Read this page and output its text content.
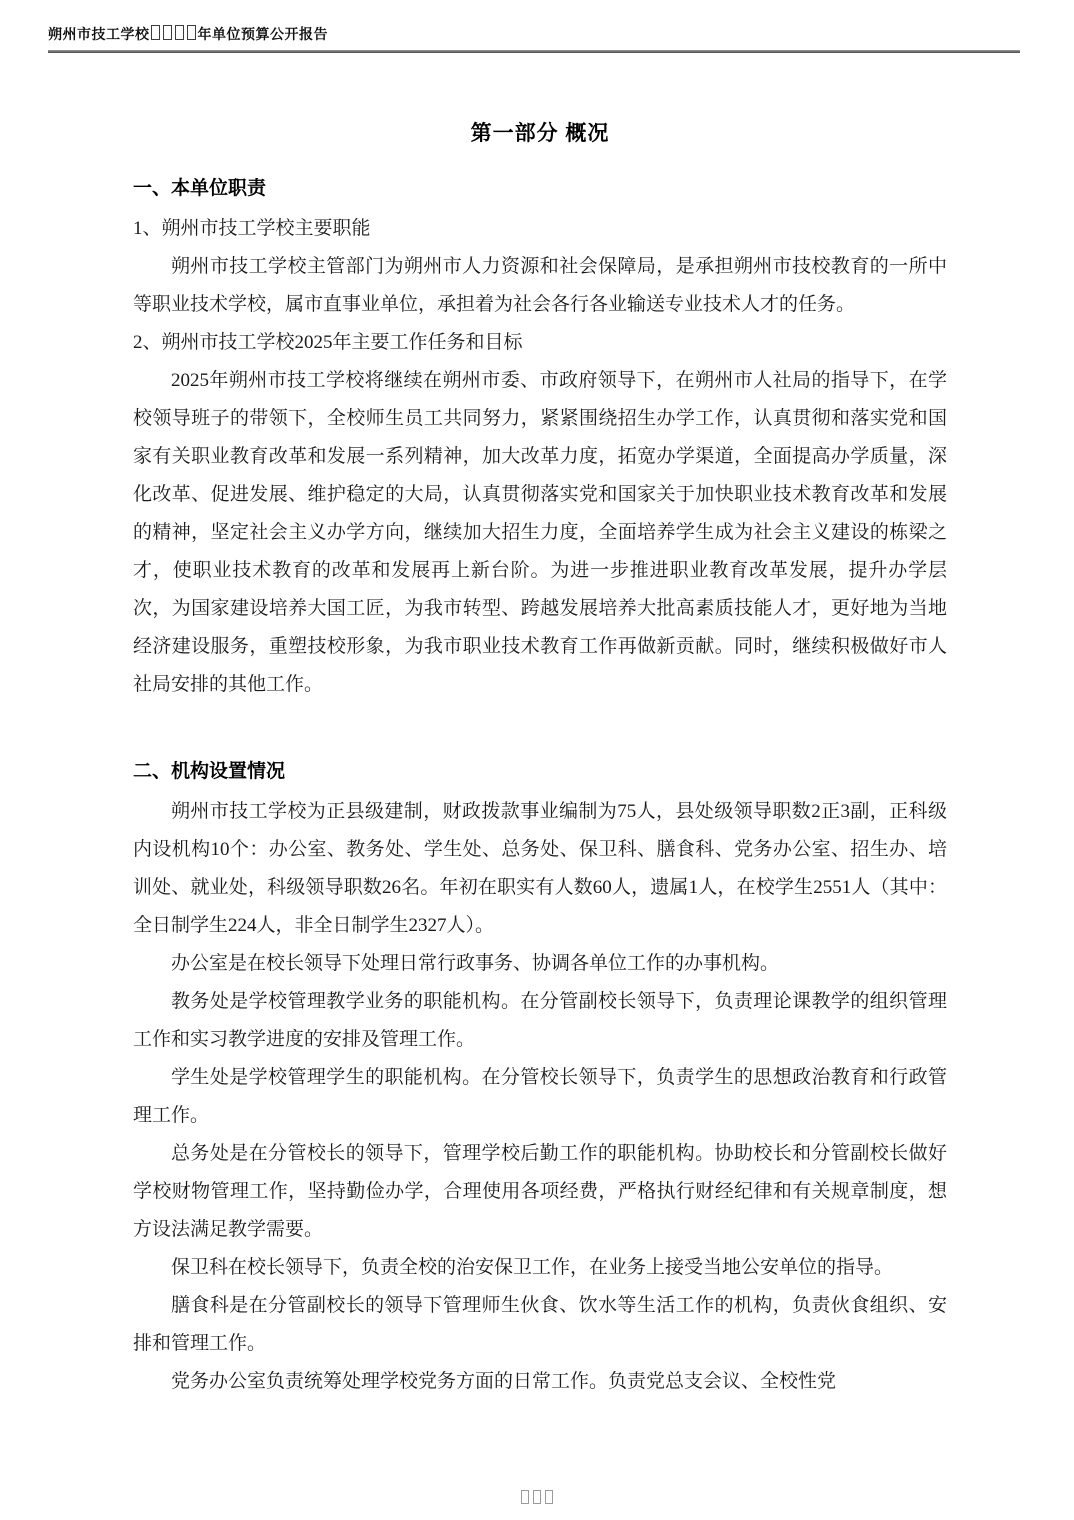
朔州市技工学校	年单位预算公开报告
第一部分 概况
一、本单位职责

1、朔州市技工学校主要职能

朔州市技工学校主管部门为朔州市人力资源和社会保障局，是承担朔州市技校教育的一所中等职业技术学校，属市直事业单位，承担着为社会各行各业输送专业技术人才的任务。

2、朔州市技工学校2025年主要工作任务和目标

2025年朔州市技工学校将继续在朔州市委、市政府领导下，在朔州市人社局的指导下，在学校领导班子的带领下，全校师生员工共同努力，紧紧围绕招生办学工作，认真贯彻和落实党和国家有关职业教育改革和发展一系列精神，加大改革力度，拓宽办学渠道，全面提高办学质量，深化改革、促进发展、维护稳定的大局，认真贯彻落实党和国家关于加快职业技术教育改革和发展的精神，坚定社会主义办学方向，继续加大招生力度，全面培养学生成为社会主义建设的栋梁之才，使职业技术教育的改革和发展再上新台阶。为进一步推进职业教育改革发展，提升办学层次，为国家建设培养大国工匠，为我市转型、跨越发展培养大批高素质技能人才，更好地为当地经济建设服务，重塑技校形象，为我市职业技术教育工作再做新贡献。同时，继续积极做好市人社局安排的其他工作。

二、机构设置情况

朔州市技工学校为正县级建制，财政拨款事业编制为75人，县处级领导职数2正3副，正科级内设机构10个：办公室、教务处、学生处、总务处、保卫科、膳食科、党务办公室、招生办、培训处、就业处，科级领导职数26名。年初在职实有人数60人，遗属1人，在校学生2551人（其中：全日制学生224人，非全日制学生2327人）。

办公室是在校长领导下处理日常行政事务、协调各单位工作的办事机构。

教务处是学校管理教学业务的职能机构。在分管副校长领导下，负责理论课教学的组织管理工作和实习教学进度的安排及管理工作。

学生处是学校管理学生的职能机构。在分管校长领导下，负责学生的思想政治教育和行政管理工作。

总务处是在分管校长的领导下，管理学校后勤工作的职能机构。协助校长和分管副校长做好学校财物管理工作，坚持勤俭办学，合理使用各项经费，严格执行财经纪律和有关规章制度，想方设法满足教学需要。

保卫科在校长领导下，负责全校的治安保卫工作，在业务上接受当地公安单位的指导。

膳食科是在分管副校长的领导下管理师生伙食、饮水等生活工作的机构，负责伙食组织、安排和管理工作。

党务办公室负责统筹处理学校党务方面的日常工作。负责党总支会议、全校性党
